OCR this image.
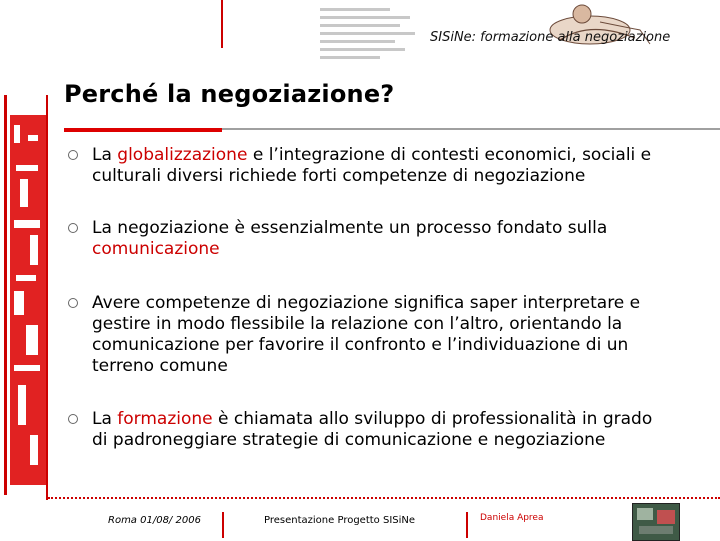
SISiNe: formazione alla negoziazione
Perché la negoziazione?
La globalizzazione e l’integrazione di contesti economici, sociali e culturali diversi richiede forti competenze di negoziazione
La negoziazione è essenzialmente un processo fondato sulla comunicazione
Avere competenze di negoziazione significa saper interpretare e gestire in modo flessibile la relazione con l’altro, orientando la comunicazione per favorire il confronto e l’individuazione di un terreno comune
La formazione è chiamata allo sviluppo di professionalità in grado di padroneggiare strategie di comunicazione e negoziazione
Roma 01/08/ 2006	Presentazione Progetto SISiNe	Daniela Aprea
